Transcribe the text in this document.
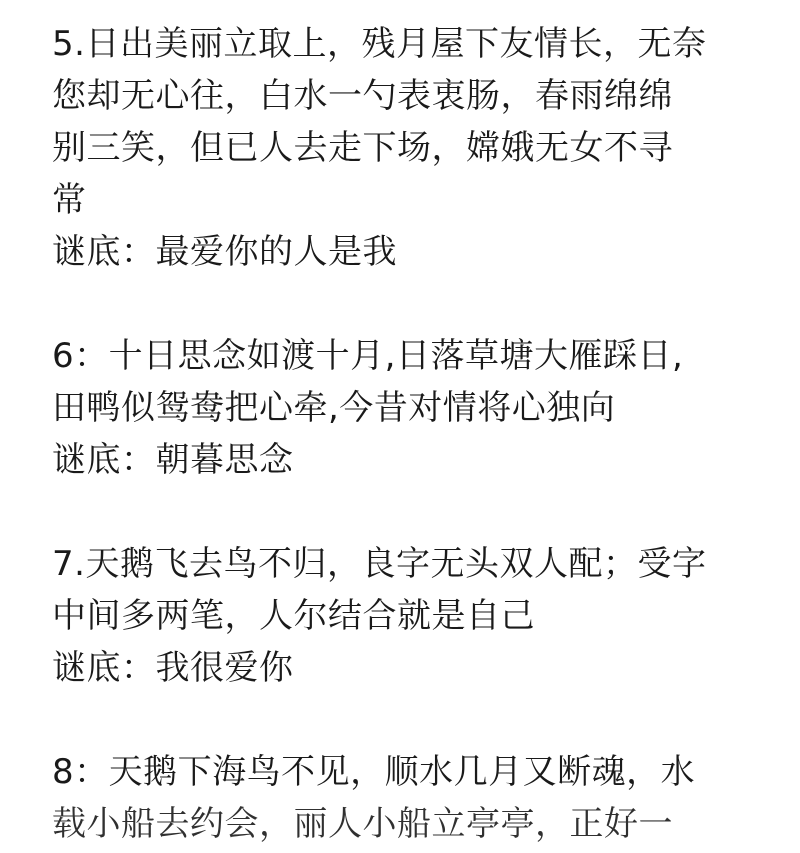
5.日出美丽立取上，残月屋下友情长，无奈
您却无心往，白水一勺表衷肠，春雨绵绵
别三笑，但已人去走下场，嫦娥无女不寻
常
谜底：最爱你的人是我
6：十日思念如渡十月,日落草塘大雁踩日,
田鸭似鸳鸯把心牵,今昔对情将心独向
谜底：朝暮思念
7.天鹅飞去鸟不归，良字无头双人配；受字
中间多两笔，人尔结合就是自己
谜底：我很爱你
8：天鹅下海鸟不见，顺水几月又断魂，水
载小船去约会，丽人小船立亭亭，正好一
